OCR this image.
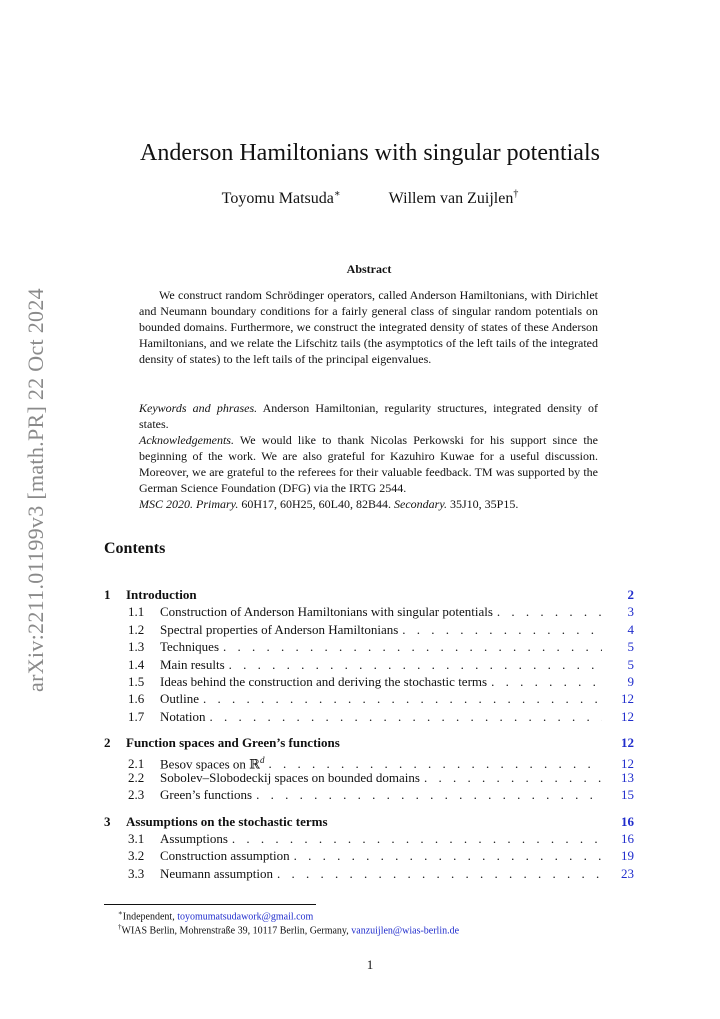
arXiv:2211.01199v3 [math.PR] 22 Oct 2024
Anderson Hamiltonians with singular potentials
Toyomu Matsuda∗	Willem van Zuijlen†
Abstract
We construct random Schrödinger operators, called Anderson Hamiltonians, with Dirichlet and Neumann boundary conditions for a fairly general class of singular random potentials on bounded domains. Furthermore, we construct the integrated density of states of these Anderson Hamiltonians, and we relate the Lifschitz tails (the asymptotics of the left tails of the integrated density of states) to the left tails of the principal eigenvalues.
Keywords and phrases. Anderson Hamiltonian, regularity structures, integrated density of states.
Acknowledgements. We would like to thank Nicolas Perkowski for his support since the beginning of the work. We are also grateful for Kazuhiro Kuwae for a useful discussion. Moreover, we are grateful to the referees for their valuable feedback. TM was supported by the German Science Foundation (DFG) via the IRTG 2544.
MSC 2020. Primary. 60H17, 60H25, 60L40, 82B44. Secondary. 35J10, 35P15.
Contents
1	Introduction	2
1.1	Construction of Anderson Hamiltonians with singular potentials . . .	3
1.2	Spectral properties of Anderson Hamiltonians . . .	4
1.3	Techniques . . .	5
1.4	Main results . . .	5
1.5	Ideas behind the construction and deriving the stochastic terms . . .	9
1.6	Outline . . .	12
1.7	Notation . . .	12
2	Function spaces and Green’s functions	12
2.1	Besov spaces on ℝ$^d$ . . .	12
2.2	Sobolev–Slobodeckij spaces on bounded domains . . .	13
2.3	Green’s functions . . .	15
3	Assumptions on the stochastic terms	16
3.1	Assumptions . . .	16
3.2	Construction assumption . . .	19
3.3	Neumann assumption . . .	23
∗Independent, toyomumatsudawork@gmail.com
†WIAS Berlin, Mohrenstraße 39, 10117 Berlin, Germany, vanzuijlen@wias-berlin.de
1
